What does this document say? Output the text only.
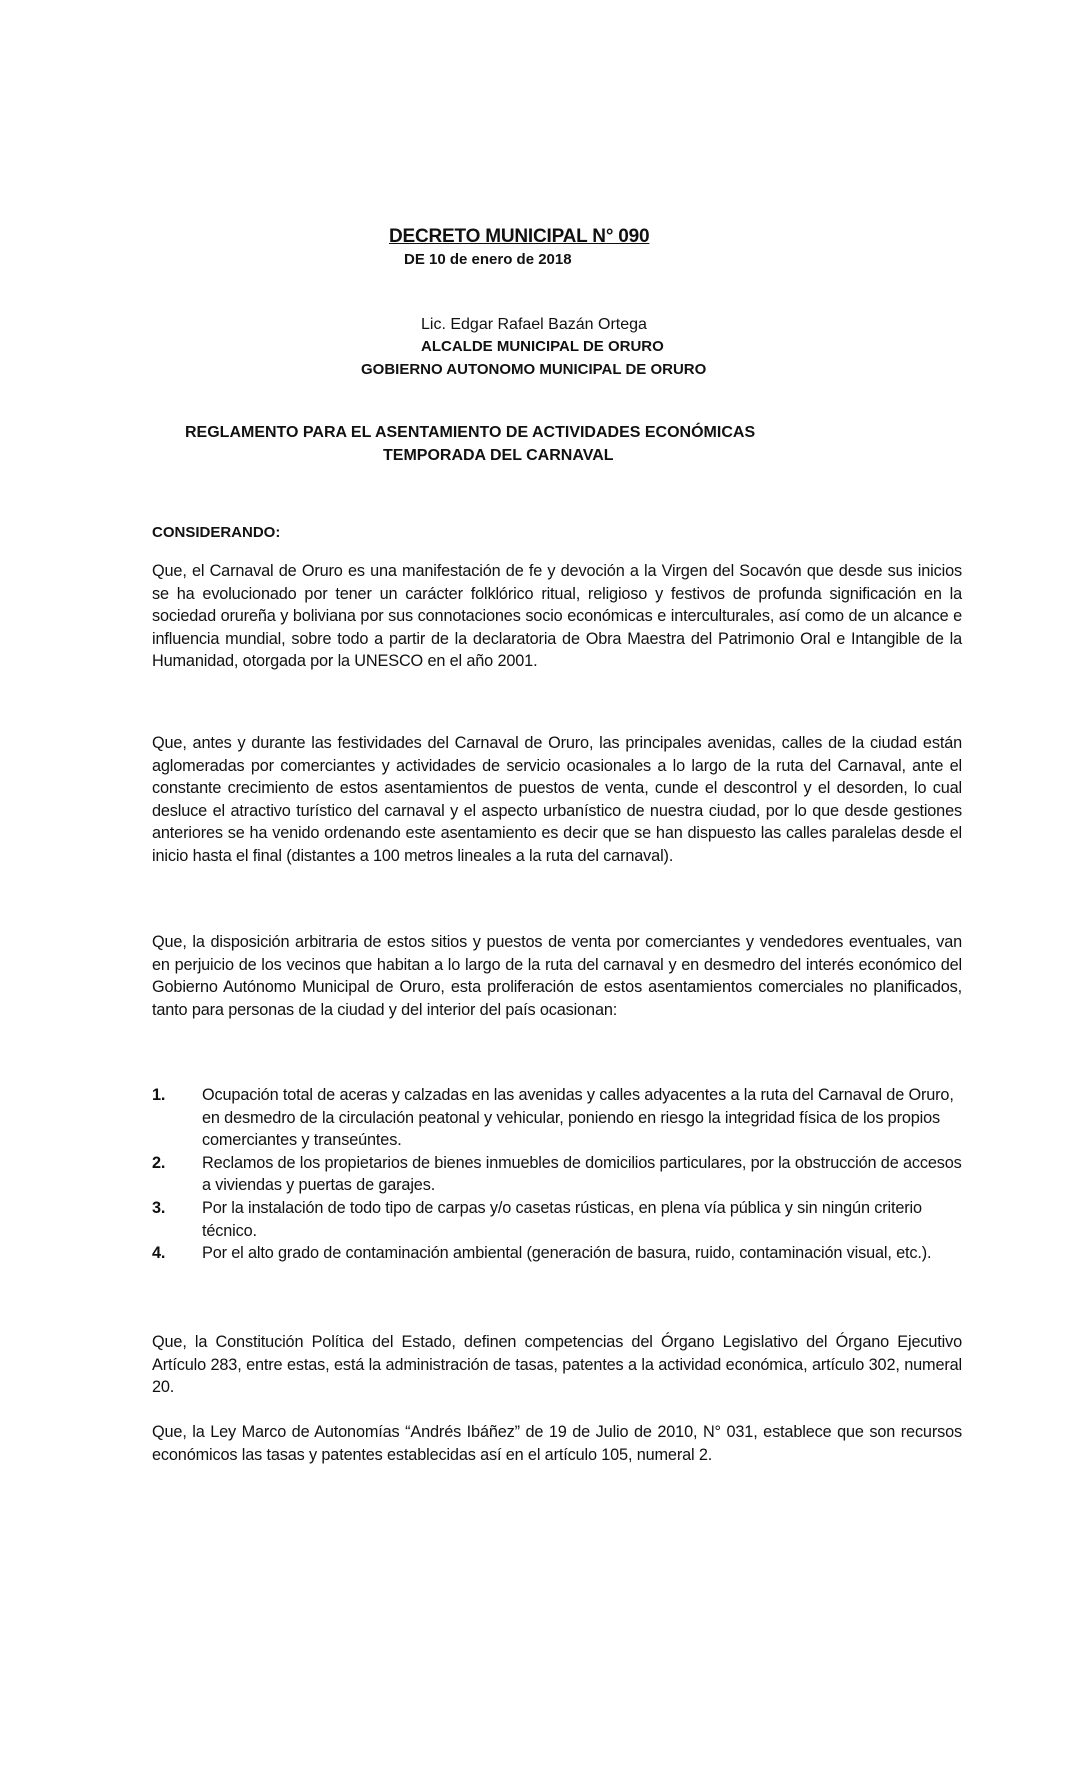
DECRETO MUNICIPAL N° 090
DE 10 de enero de 2018
Lic. Edgar Rafael Bazán Ortega
ALCALDE MUNICIPAL DE ORURO
GOBIERNO AUTONOMO MUNICIPAL DE ORURO
REGLAMENTO PARA EL ASENTAMIENTO DE ACTIVIDADES ECONÓMICAS
TEMPORADA DEL CARNAVAL
CONSIDERANDO:

Que, el Carnaval de Oruro es una manifestación de fe y devoción a la Virgen del Socavón que desde sus inicios se ha evolucionado por tener un carácter folklórico ritual, religioso y festivos de profunda significación en la sociedad orureña y boliviana por sus connotaciones socio económicas e interculturales, así como de un alcance e influencia mundial, sobre todo a partir de la declaratoria de Obra Maestra del Patrimonio Oral e Intangible de la Humanidad, otorgada por la UNESCO en el año 2001.

Que, antes y durante las festividades del Carnaval de Oruro, las principales avenidas, calles de la ciudad están aglomeradas por comerciantes y actividades de servicio ocasionales a lo largo de la ruta del Carnaval, ante el constante crecimiento de estos asentamientos de puestos de venta, cunde el descontrol y el desorden, lo cual desluce el atractivo turístico del carnaval y el aspecto urbanístico de nuestra ciudad, por lo que desde gestiones anteriores se ha venido ordenando este asentamiento es decir que se han dispuesto las calles paralelas desde el inicio hasta el final (distantes a 100 metros lineales a la ruta del carnaval).

Que, la disposición arbitraria de estos sitios y puestos de venta por comerciantes y vendedores eventuales, van en perjuicio de los vecinos que habitan a lo largo de la ruta del carnaval y en desmedro del interés económico del Gobierno Autónomo Municipal de Oruro, esta proliferación de estos asentamientos comerciales no planificados, tanto para personas de la ciudad y del interior del país ocasionan:

1.	Ocupación total de aceras y calzadas en las avenidas y calles adyacentes a la ruta del Carnaval de Oruro, en desmedro de la circulación peatonal y vehicular, poniendo en riesgo la integridad física de los propios comerciantes y transeúntes.
2.	Reclamos de los propietarios de bienes inmuebles de domicilios particulares, por la obstrucción de accesos a viviendas y puertas de garajes.
3.	Por la instalación de todo tipo de carpas y/o casetas rústicas, en plena vía pública y sin ningún criterio técnico.
4.	Por el alto grado de contaminación ambiental (generación de basura, ruido, contaminación visual, etc.).

Que, la Constitución Política del Estado, definen competencias del Órgano Legislativo del Órgano Ejecutivo Artículo 283, entre estas, está la administración de tasas, patentes a la actividad económica, artículo 302, numeral 20.

Que, la Ley Marco de Autonomías “Andrés Ibáñez” de 19 de Julio de 2010, N° 031, establece que son recursos económicos las tasas y patentes establecidas así en el artículo 105, numeral 2.
